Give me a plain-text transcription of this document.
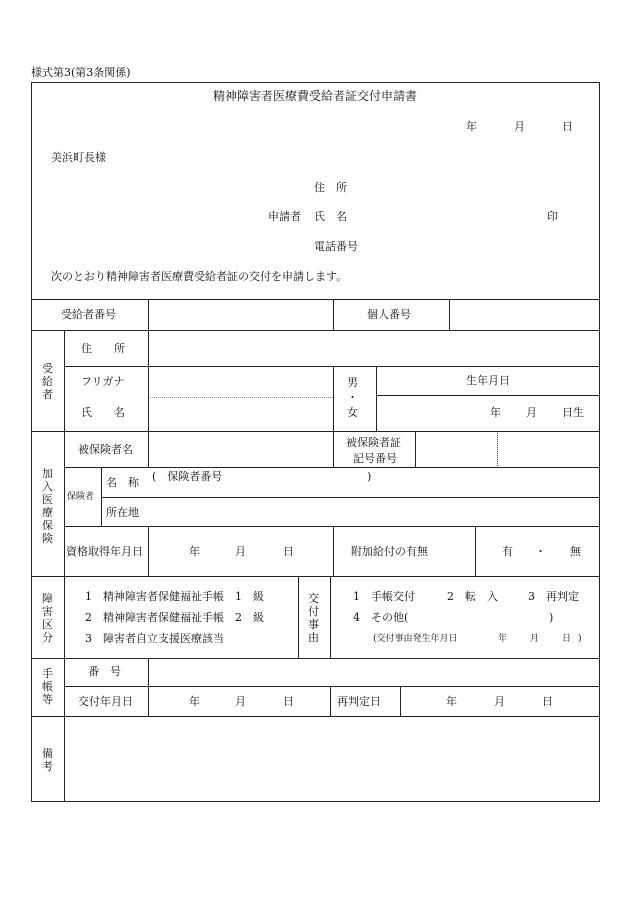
様式第3(第3条関係)
精神障害者医療費受給者証交付申請書
年	月	日
美浜町長様
住　所
申請者 氏　名	印
電話番号
次のとおり精神障害者医療費受給者証の交付を申請します。
受給者番号	個人番号
受給者
住　　所
フリガナ
氏　　名
男
・
女
生年月日
年 月 日生
加入医療保険
被保険者名
被保険者証
記号番号
保険者
名　称 (　保険者番号	)
所在地
資格取得年月日	年	月	日	附加給付の有無	有 ・ 無
障害区分
1　精神障害者保健福祉手帳　1　級
2　精神障害者保健福祉手帳　2　級
3　障害者自立支援医療該当
交付事由
1　手帳交付	2　転　入	3　再判定
4　その他(	)
(交付事由発生年月日	年	月	日 )
手帳等
番　号
交付年月日	年	月	日	再判定日	年	月	日
備考
